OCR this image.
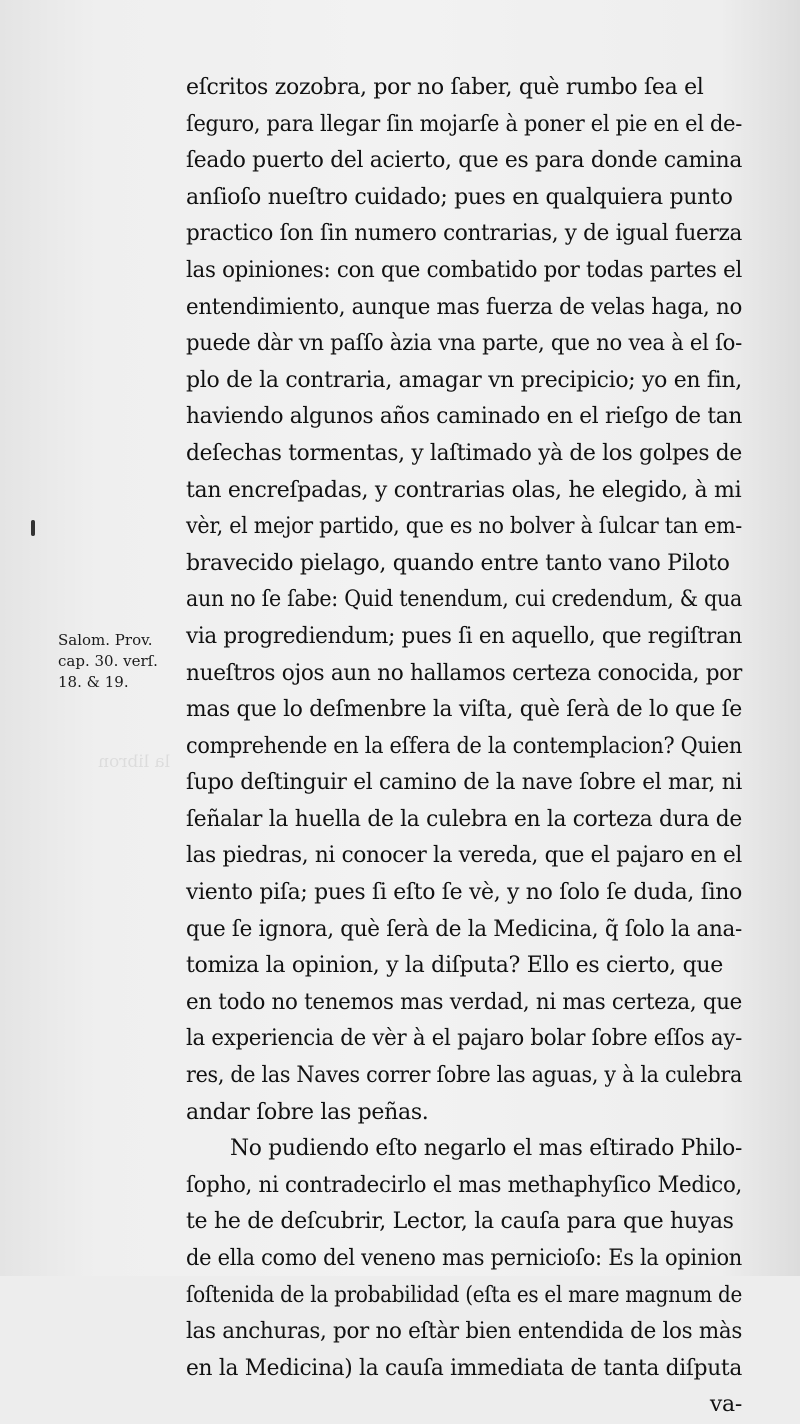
la libron
Salom. Prov.
cap. 30. verſ.
18. & 19.
eſcritos zozobra, por no ſaber, què rumbo ſea el
ſeguro, para llegar ſin mojarſe à poner el pie en el de-
ſeado puerto del acierto, que es para donde camina
anſioſo nueſtro cuidado; pues en qualquiera punto
practico ſon ſin numero contrarias, y de igual fuerza
las opiniones: con que combatido por todas partes el
entendimiento, aunque mas fuerza de velas haga, no
puede dàr vn paſſo àzia vna parte, que no vea à el ſo-
plo de la contraria, amagar vn precipicio; yo en fin,
haviendo algunos años caminado en el rieſgo de tan
deſechas tormentas, y laſtimado yà de los golpes de
tan encreſpadas, y contrarias olas, he elegido, à mi
vèr, el mejor partido, que es no bolver à ſulcar tan em-
bravecido pielago, quando entre tanto vano Piloto
aun no ſe ſabe: Quid tenendum, cui credendum, & qua
via progrediendum; pues ſi en aquello, que regiſtran
nueſtros ojos aun no hallamos certeza conocida, por
mas que lo deſmenbre la viſta, què ſerà de lo que ſe
comprehende en la eſfera de la contemplacion? Quien
ſupo deſtinguir el camino de la nave ſobre el mar, ni
ſeñalar la huella de la culebra en la corteza dura de
las piedras, ni conocer la vereda, que el pajaro en el
viento piſa; pues ſi eſto ſe vè, y no ſolo ſe duda, ſino
que ſe ignora, què ſerà de la Medicina, q̃ ſolo la ana-
tomiza la opinion, y la diſputa? Ello es cierto, que
en todo no tenemos mas verdad, ni mas certeza, que
la experiencia de vèr à el pajaro bolar ſobre eſſos ay-
res, de las Naves correr ſobre las aguas, y à la culebra
andar ſobre las peñas.
No pudiendo eſto negarlo el mas eſtirado Philo-
ſopho, ni contradecirlo el mas methaphyſico Medico,
te he de deſcubrir, Lector, la cauſa para que huyas
de ella como del veneno mas pernicioſo: Es la opinion
ſoſtenida de la probabilidad (eſta es el mare magnum de
las anchuras, por no eſtàr bien entendida de los màs
en la Medicina) la cauſa immediata de tanta diſputa
va-
